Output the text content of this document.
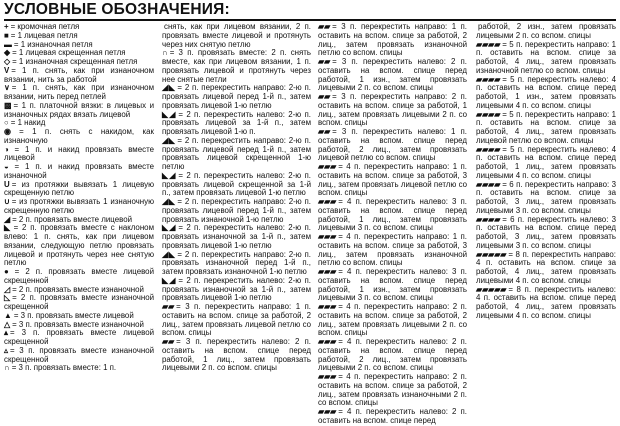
УСЛОВНЫЕ ОБОЗНАЧЕНИЯ:

+ = кромочная петля

■ = 1 лицевая петля

▬ = 1 изнаночная петля

◆ = 1 лицевая скрещенная петля

◇ = 1 изнаночная скрещенная петля

V = 1 п. снять, как при изнаночном вязании, нить за работой

∨ = 1 п. снять, как при изнаночном вязании, нить перед петлей

▩ = 1 п. платочной вязки: в лицевых и изнаночных рядах вязать лицевой

○ = 1 накид

◉ = 1 п. снять с накидом, как изнаночную

◑ = 1 п. и накид провязать вместе лицевой

◒ = 1 п. и накид провязать вместе изнаночной

U = из протяжки вывязать 1 лицевую скрещенную петлю

∪ = из протяжки вывязать 1 изнаночную скрещенную петлю

◢ = 2 п. провязать вместе лицевой

◣ = 2 п. провязать вместе с наклоном влево: 1 п. снять, как при лицевом вязании, следующую петлю провязать лицевой и протянуть через нее снятую петлю

● = 2 п. провязать вместе лицевой скрещенной

◿ = 2 п. провязать вместе изнаночной

◺ = 2 п. провязать вместе изнаночной скрещенной

▲ = 3 п. провязать вместе лицевой

△ = 3 п. провязать вместе изнаночной

▴ = 3 п. провязать вместе лицевой скрещенной

▵ = 3 п. провязать вместе изнаночной скрещенной

∩ = 3 п. провязать вместе: 1 п.

снять, как при лицевом вязании, 2 п. провязать вместе лицевой и протянуть через них снятую петлю

∩ = 3 п. провязать вместе: 2 п. снять вместе, как при лицевом вязании, 1 п. провязать лицевой и протянуть через нее снятые петли

◢◣ = 2 п. перекрестить направо: 2-ю п. провязать лицевой перед 1-й п., затем провязать лицевой 1-ю петлю

◣◢ = 2 п. перекрестить налево: 2-ю п. провязать лицевой за 1-й п., затем провязать лицевой 1-ю п.

◢◣ = 2 п. перекрестить направо: 2-ю п. провязать лицевой перед 1-й п., затем провязать лицевой скрещенной 1-ю петлю

◣◢ = 2 п. перекрестить налево: 2-ю п. провязать лицевой скрещенной за 1-й п., затем провязать лицевой 1-ю петлю

◢◣ = 2 п. перекрестить направо: 2-ю п. провязать лицевой перед 1-й п., затем провязать изнаночной 1-ю петлю

◣◢ = 2 п. перекрестить налево: 2-ю п. провязать изнаночной за 1-й п., затем провязать лицевой 1-ю петлю

◢◣ = 2 п. перекрестить направо: 2-ю п. провязать изнаночной перед 1-й п., затем провязать изнаночной 1-ю петлю

◣◢ = 2 п. перекрестить налево: 2-ю п. провязать изнаночной за 1-й п., затем провязать лицевой 1-ю петлю

▰▰ = 3 п. перекрестить направо: 1 п. оставить на вспом. спице за работой, 2 лиц., затем провязать лицевой петлю со вспом. спицы

▰▰ = 3 п. перекрестить налево: 2 п. оставить на вспом. спице перед работой, 1 лиц., затем провязать лицевыми 2 п. со вспом. спицы

▰▰ = 3 п. перекрестить направо: 1 п. оставить на вспом. спице за работой, 2 лиц., затем провязать изнаночной петлю со вспом. спицы

▰▰ = 3 п. перекрестить налево: 2 п. оставить на вспом. спице перед работой, 1 изн., затем провязать лицевыми 2 п. со вспом. спицы

▰▰ = 3 п. перекрестить направо: 2 п. оставить на вспом. спице за работой, 1 лиц., затем провязать лицевыми 2 п. со вспом. спицы

▰▰ = 3 п. перекрестить налево: 1 п. оставить на вспом. спице перед работой, 2 лиц., затем провязать лицевой петлю со вспом. спицы

▰▰▰ = 4 п. перекрестить направо: 1 п. оставить на вспом. спице за работой, 3 лиц., затем провязать лицевой петлю со вспом. спицы

▰▰▰ = 4 п. перекрестить налево: 3 п. оставить на вспом. спице перед работой, 1 лиц., затем провязать лицевыми 3 п. со вспом. спицы

▰▰▰ = 4 п. перекрестить направо: 1 п. оставить на вспом. спице за работой, 3 лиц., затем провязать изнаночной петлю со вспом. спицы

▰▰▰ = 4 п. перекрестить налево: 3 п. оставить на вспом. спице перед работой, 1 изн., затем провязать лицевыми 3 п. со вспом. спицы

▰▰▰ = 4 п. перекрестить направо: 2 п. оставить на вспом. спице за работой, 2 лиц., затем провязать лицевыми 2 п. со вспом. спицы

▰▰▰ = 4 п. перекрестить налево: 2 п. оставить на вспом. спице перед работой, 2 лиц., затем провязать лицевыми 2 п. со вспом. спицы

▰▰▰ = 4 п. перекрестить направо: 2 п. оставить на вспом. спице за работой, 2 лиц., затем провязать изнаночными 2 п. со вспом. спицы

▰▰▰ = 4 п. перекрестить налево: 2 п. оставить на вспом. спице перед

работой, 2 изн., затем провязать лицевыми 2 п. со вспом. спицы

▰▰▰▰ = 5 п. перекрестить направо: 1 п. оставить на вспом. спице за работой, 4 лиц., затем провязать изнаночной петлю со вспом. спицы

▰▰▰▰ = 5 п. перекрестить налево: 4 п. оставить на вспом. спице перед работой, 1 изн., затем провязать лицевыми 4 п. со вспом. спицы

▰▰▰▰ = 5 п. перекрестить направо: 1 п. оставить на вспом. спице за работой, 4 лиц., затем провязать лицевой петлю со вспом. спицы

▰▰▰▰ = 5 п. перекрестить налево: 4 п. оставить на вспом. спице перед работой, 1 лиц., затем провязать лицевыми 4 п. со вспом. спицы

▰▰▰▰ = 6 п. перекрестить направо: 3 п. оставить на вспом. спице за работой, 3 лиц., затем провязать лицевыми 3 п. со вспом. спицы

▰▰▰▰ = 6 п. перекрестить налево: 3 п. оставить на вспом. спице перед работой, 3 лиц., затем провязать лицевыми 3 п. со вспом. спицы

▰▰▰▰▰ = 8 п. перекрестить направо: 4 п. оставить на вспом. спице за работой, 4 лиц., затем провязать лицевыми 4 п. со вспом. спицы

▰▰▰▰▰ = 8 п. перекрестить налево: 4 п. оставить на вспом. спице перед работой, 4 лиц., затем провязать лицевыми 4 п. со вспом. спицы
